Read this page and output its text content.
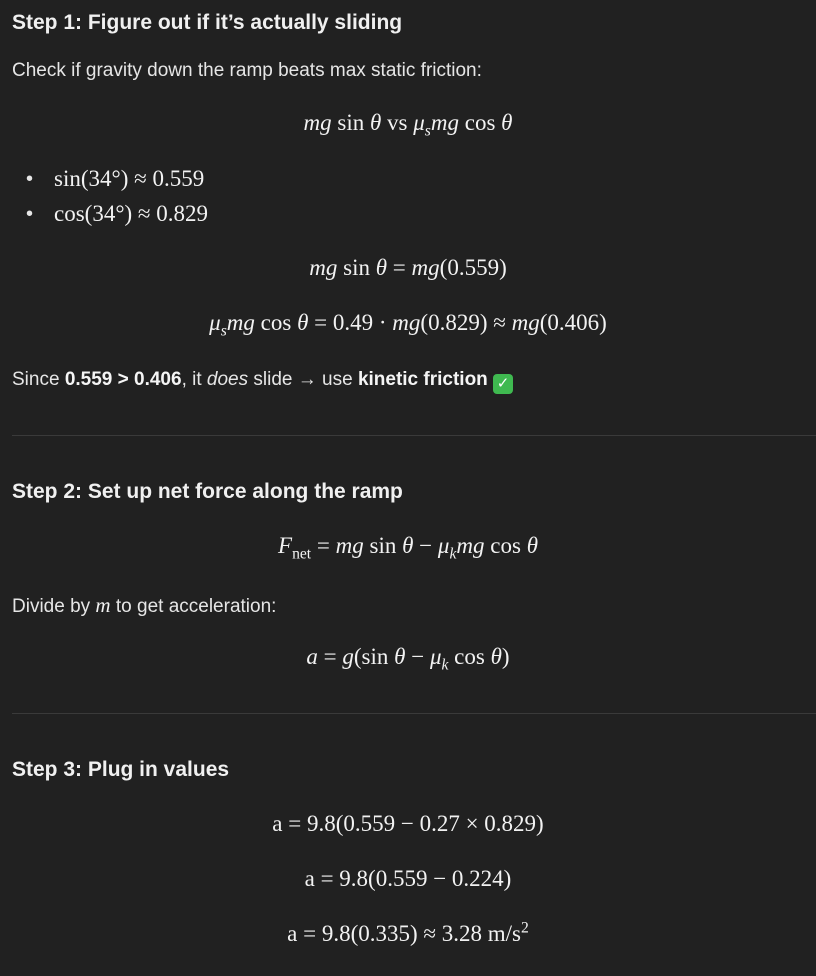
Step 1: Figure out if it’s actually sliding
Check if gravity down the ramp beats max static friction:
mg sin θ vs $\mu_smg$ cos θ
• sin(34°) ≈ 0.559
• cos(34°) ≈ 0.829
mg sin θ = mg(0.559)
$\mu_smg$ cos θ = 0.49 · mg(0.829) ≈ mg(0.406)
Since 0.559 > 0.406, it does slide → use kinetic friction ✓
Step 2: Set up net force along the ramp
$F_{net}$ = mg $\sin \theta - \mu_kmg$ cos θ
Divide by m to get acceleration:
a = g(sin $\theta - \mu_k$ cos θ)
Step 3: Plug in values
a = 9.8(0.559 − 0.27 × 0.829)
a = 9.8(0.559 − 0.224)
a = 9.8(0.335) ≈ 3.28 $m/s^2$
